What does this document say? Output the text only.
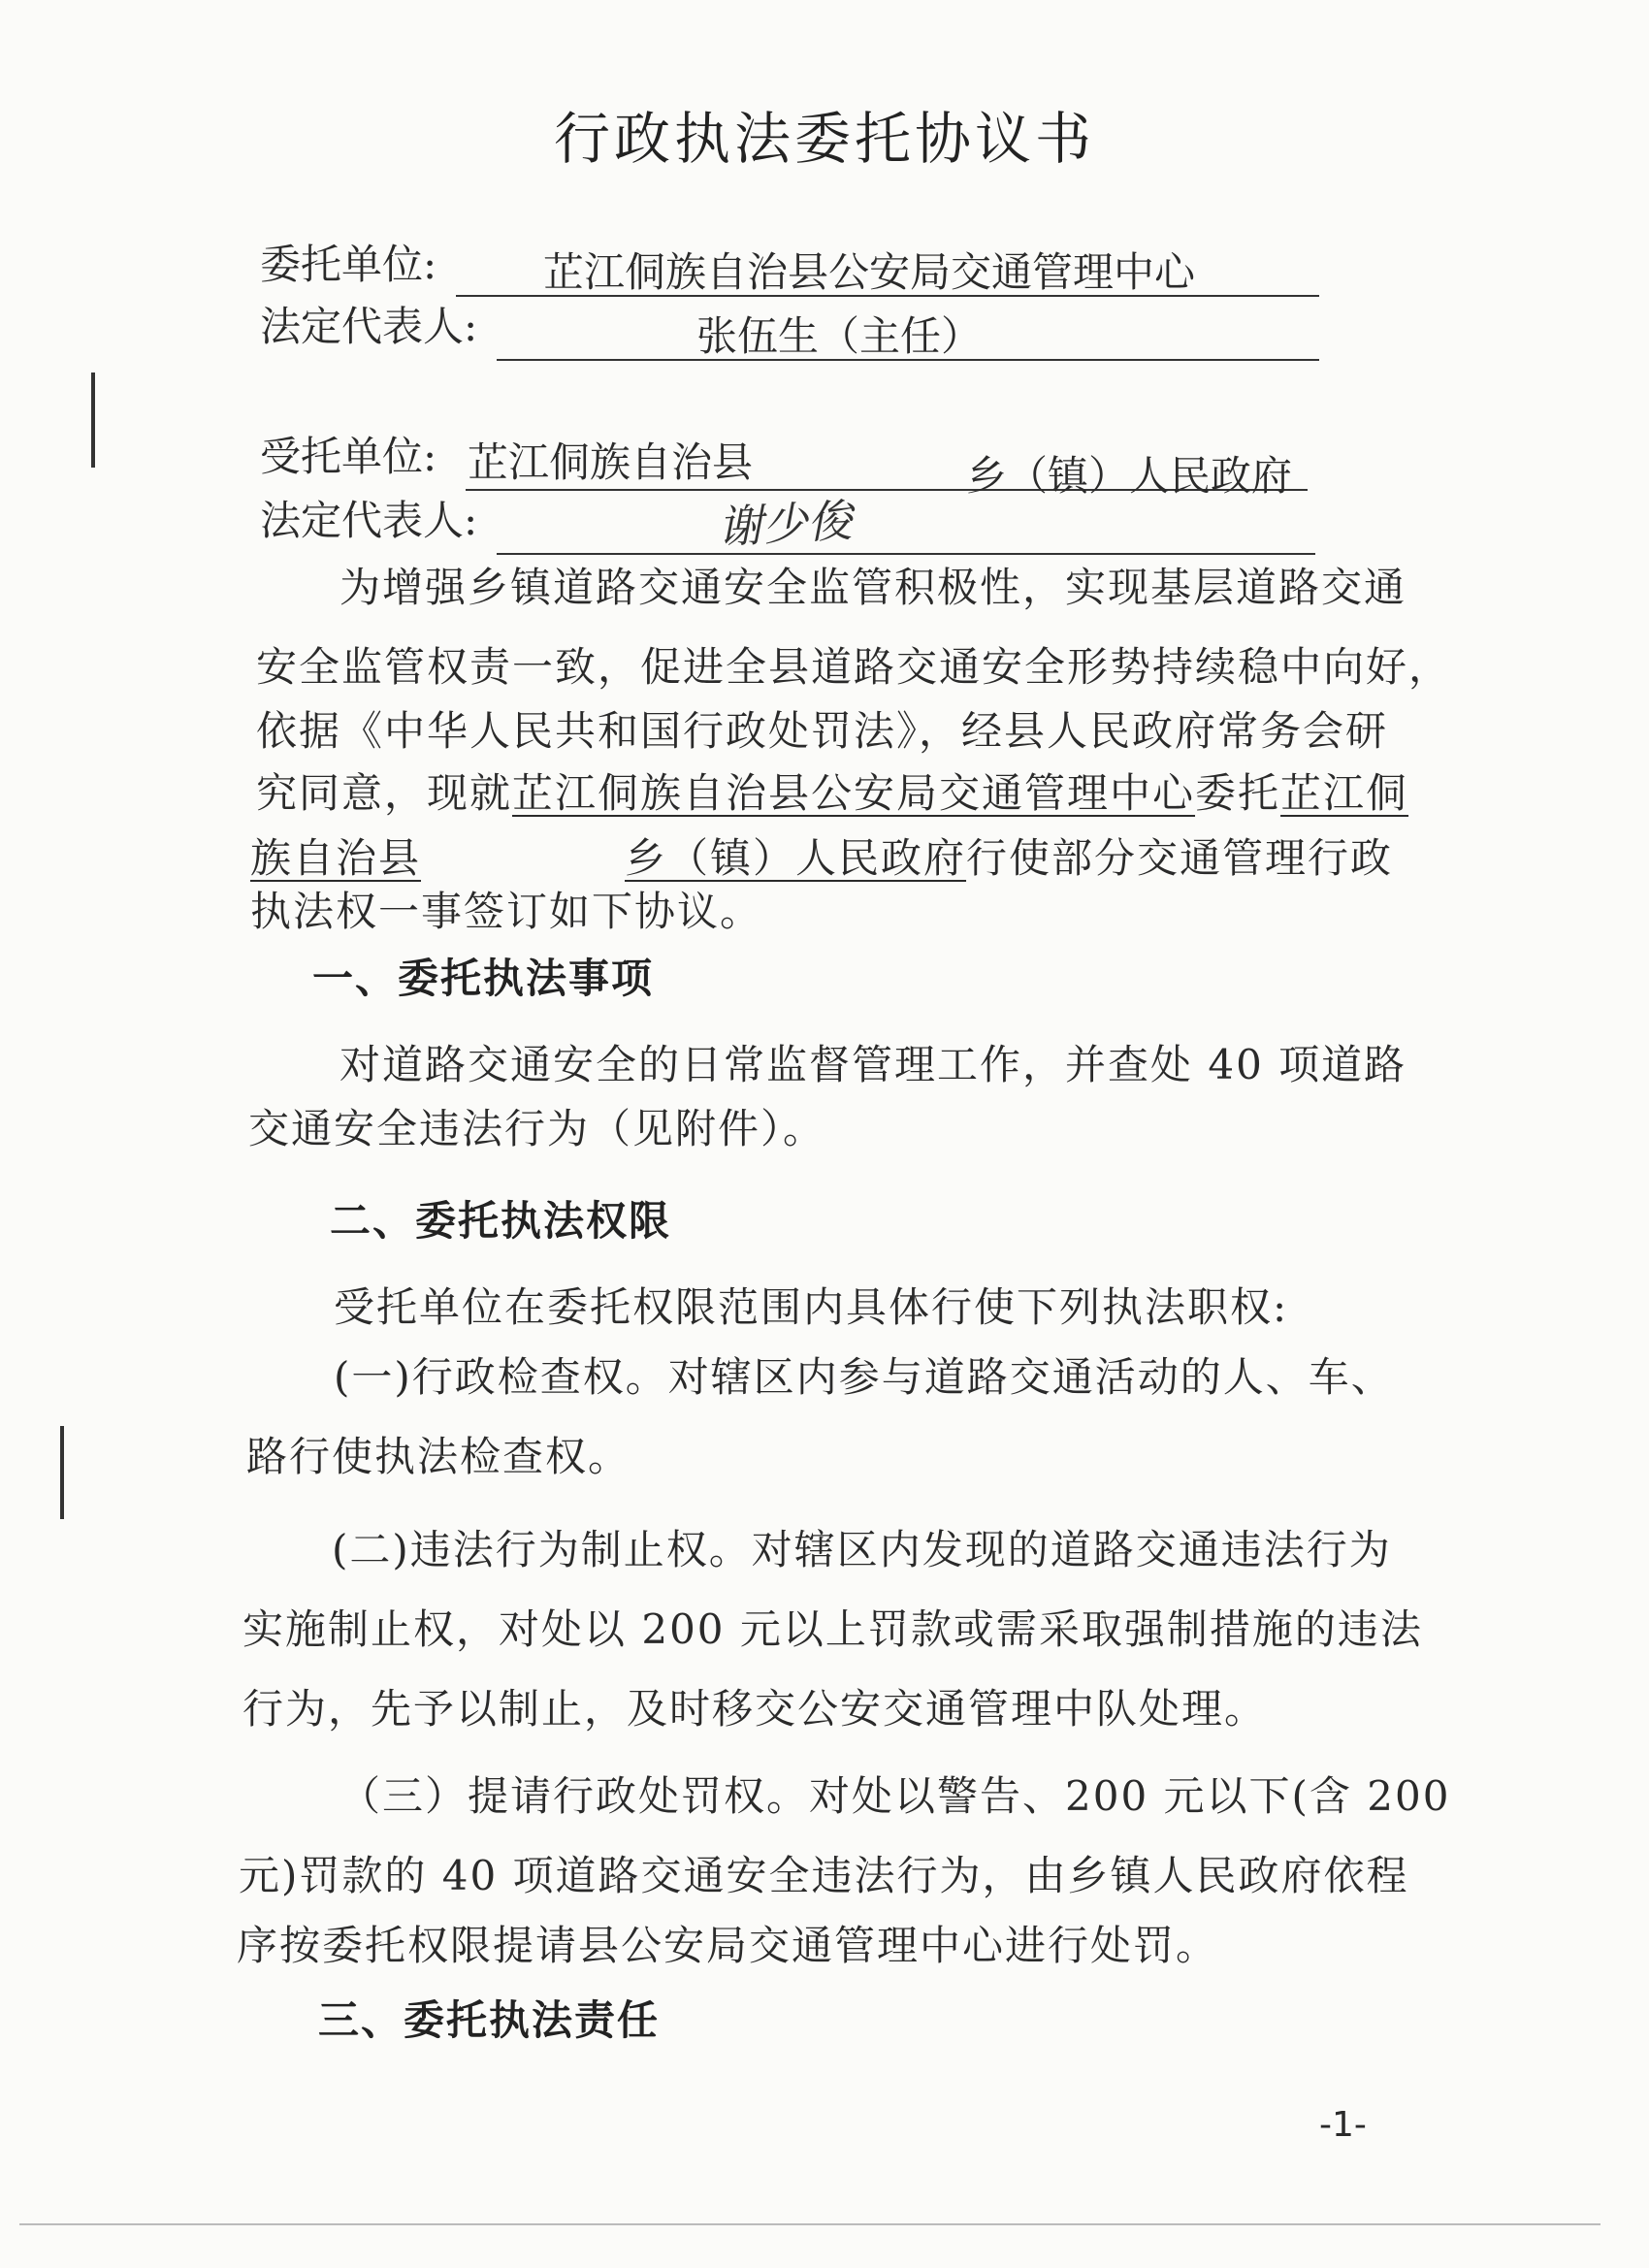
行政执法委托协议书
委托单位:	芷江侗族自治县公安局交通管理中心
法定代表人:	张伍生（主任）
受托单位: 芷江侗族自治县	乡（镇）人民政府
法定代表人:	谢少俊
为增强乡镇道路交通安全监管积极性，实现基层道路交通
安全监管权责一致，促进全县道路交通安全形势持续稳中向好，
依据《中华人民共和国行政处罚法》，经县人民政府常务会研
究同意，现就芷江侗族自治县公安局交通管理中心委托芷江侗
族自治县	乡（镇）人民政府行使部分交通管理行政
执法权一事签订如下协议。
一、委托执法事项
对道路交通安全的日常监督管理工作，并查处 40 项道路
交通安全违法行为（见附件）。
二、委托执法权限
受托单位在委托权限范围内具体行使下列执法职权:
(一)行政检查权。对辖区内参与道路交通活动的人、车、
路行使执法检查权。
(二)违法行为制止权。对辖区内发现的道路交通违法行为
实施制止权，对处以 200 元以上罚款或需采取强制措施的违法
行为，先予以制止，及时移交公安交通管理中队处理。
（三）提请行政处罚权。对处以警告、200 元以下(含 200
元)罚款的 40 项道路交通安全违法行为，由乡镇人民政府依程
序按委托权限提请县公安局交通管理中心进行处罚。
三、委托执法责任
-1-
